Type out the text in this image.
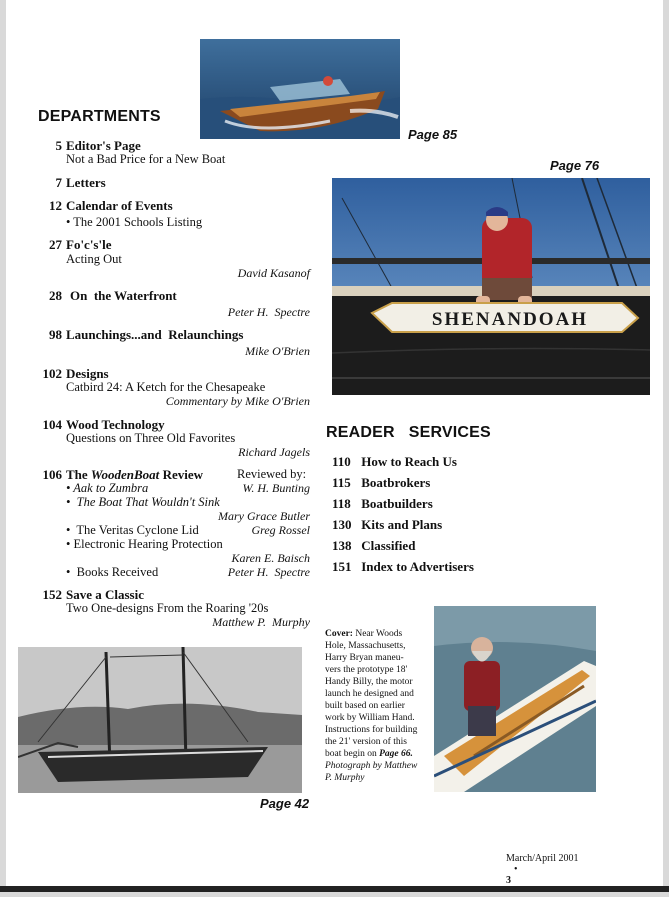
Page 85
DEPARTMENTS
5 Editor's Page
Not a Bad Price for a New Boat
7 Letters
12 Calendar of Events
• The 2001 Schools Listing
27 Fo'c's'le
Acting Out
David Kasanof
28 On  the Waterfront
Peter H.  Spectre
98 Launchings...and  Relaunchings
Mike O'Brien
102 Designs
Catbird 24: A Ketch for the Chesapeake
Commentary by Mike O'Brien
104 Wood Technology
Questions on Three Old Favorites
Richard Jagels
106 The WoodenBoat Review	Reviewed by:
• Aak to Zumbra	W. H. Bunting
•  The Boat That Wouldn't Sink
Mary Grace Butler
•  The Veritas Cyclone Lid	Greg Rossel
• Electronic Hearing Protection
Karen E. Baisch
•  Books Received	Peter H.  Spectre
152 Save a Classic
Two One-designs From the Roaring '20s
Matthew P.  Murphy
Page 76
SHENANDOAH
READER   SERVICES
110 How to Reach Us
115 Boatbrokers
118 Boatbuilders
130 Kits and Plans
138 Classified
151 Index to Advertisers
Cover: Near Woods Hole, Massachusetts, Harry Bryan maneu-vers the prototype 18' Handy Billy, the motor launch he designed and built based on earlier work by William Hand. Instructions for building the 21' version of this boat begin on Page 66.
Photograph by Matthew P. Murphy
Page 42

March/April 2001
•
3
